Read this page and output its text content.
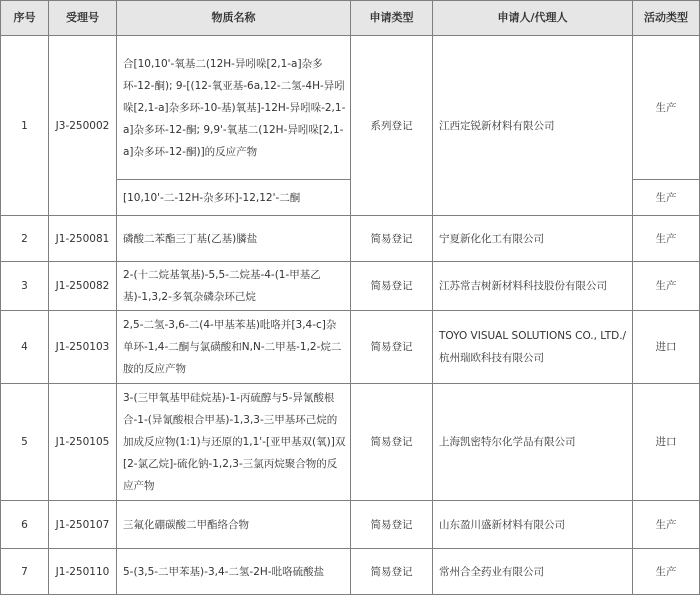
序号	受理号	物质名称	申请类型	申请人/代理人	活动类型
1	J3-250002	合[10,10'-氧基二(12H-异吲哚[2,1-a]杂多环-12-酮); 9-[(12-氧亚基-6a,12-二氢-4H-异吲哚[2,1-a]杂多环-10-基)氧基]-12H-异吲哚-2,1-a]杂多环-12-酮; 9,9'-氧基二(12H-异吲哚[2,1-a]杂多环-12-酮)]的反应产物	系列登记	江西定锐新材料有限公司	生产
		[10,10'-二-12H-杂多环]-12,12'-二酮			生产
2	J1-250081	磷酸二苯酯三丁基(乙基)膦盐	简易登记	宁夏新化化工有限公司	生产
3	J1-250082	2-(十二烷基氧基)-5,5-二烷基-4-(1-甲基乙基)-1,3,2-多氧杂磷杂环己烷	简易登记	江苏常吉树新材料科技股份有限公司	生产
4	J1-250103	2,5-二氢-3,6-二(4-甲基苯基)吡咯并[3,4-c]杂单环-1,4-二酮与氯磺酸和N,N-二甲基-1,2-烷二胺的反应产物	简易登记	TOYO VISUAL SOLUTIONS CO., LTD./杭州瑞欧科技有限公司	进口
5	J1-250105	3-(三甲氧基甲硅烷基)-1-丙硫醇与5-异氰酸根合-1-(异氰酸根合甲基)-1,3,3-三甲基环己烷的加成反应物(1:1)与还原的1,1'-[亚甲基双(氧)]双[2-氯乙烷]-硫化钠-1,2,3-三氯丙烷聚合物的反应产物	简易登记	上海凯密特尔化学品有限公司	进口
6	J1-250107	三氟化硼碳酸二甲酯络合物	简易登记	山东盈川盛新材料有限公司	生产
7	J1-250110	5-(3,5-二甲苯基)-3,4-二氢-2H-吡咯硫酸盐	简易登记	常州合全药业有限公司	生产
